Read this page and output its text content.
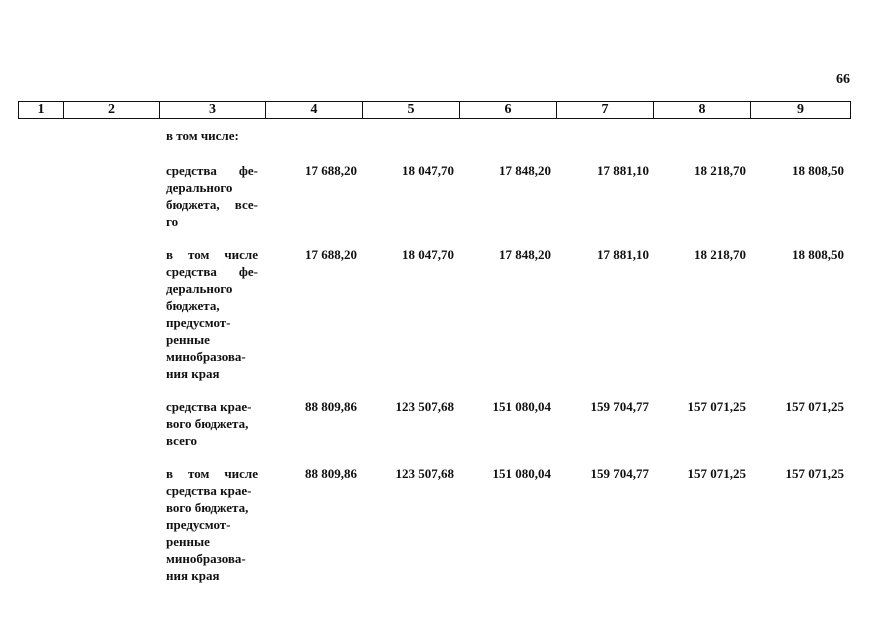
66
1	2	3	4	5	6	7	8	9
в том числе:
средства фе-
дерального
бюджета, все-
го
17 688,20	18 047,70	17 848,20	17 881,10	18 218,70	18 808,50
в том числе
средства фе-
дерального
бюджета,
предусмот-
ренные
минобразова-
ния края
17 688,20	18 047,70	17 848,20	17 881,10	18 218,70	18 808,50
средства крае-
вого бюджета,
всего
88 809,86	123 507,68	151 080,04	159 704,77	157 071,25	157 071,25
в том числе
средства крае-
вого бюджета,
предусмот-
ренные
минобразова-
ния края
88 809,86	123 507,68	151 080,04	159 704,77	157 071,25	157 071,25
